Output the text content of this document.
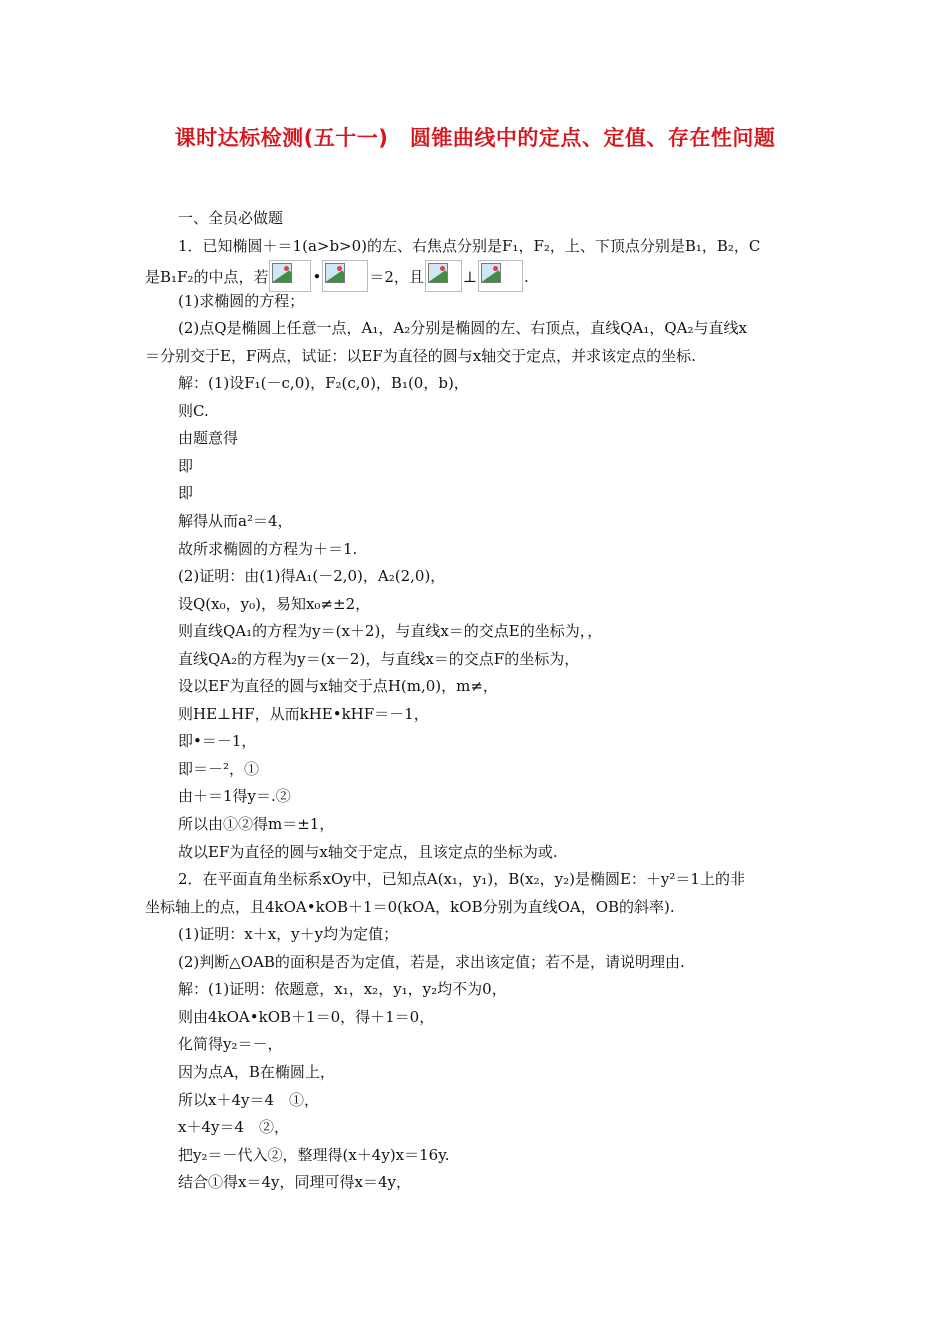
课时达标检测(五十一)　圆锥曲线中的定点、定值、存在性问题
一、全员必做题
1．已知椭圆＋＝1(a>b>0)的左、右焦点分别是F₁，F₂，上、下顶点分别是B₁，B₂，C
是B₁F₂的中点，若	•	＝2，且	⊥	.
(1)求椭圆的方程；
(2)点Q是椭圆上任意一点，A₁，A₂分别是椭圆的左、右顶点，直线QA₁，QA₂与直线x
＝分别交于E，F两点，试证：以EF为直径的圆与x轴交于定点，并求该定点的坐标.
解：(1)设F₁(－c,0)，F₂(c,0)，B₁(0，b)，
则C.
由题意得
即
即
解得从而a²＝4，
故所求椭圆的方程为＋＝1.
(2)证明：由(1)得A₁(－2,0)，A₂(2,0)，
设Q(x₀，y₀)，易知x₀≠±2，
则直线QA₁的方程为y＝(x＋2)，与直线x＝的交点E的坐标为，，
直线QA₂的方程为y＝(x－2)，与直线x＝的交点F的坐标为，
设以EF为直径的圆与x轴交于点H(m,0)，m≠，
则HE⊥HF，从而kHE•kHF＝－1，
即•＝－1，
即＝－²，①
由＋＝1得y＝.②
所以由①②得m＝±1，
故以EF为直径的圆与x轴交于定点，且该定点的坐标为或.
2．在平面直角坐标系xOy中，已知点A(x₁，y₁)，B(x₂，y₂)是椭圆E：＋y²＝1上的非
坐标轴上的点，且4kOA•kOB＋1＝0(kOA，kOB分别为直线OA，OB的斜率).
(1)证明：x＋x，y＋y均为定值；
(2)判断△OAB的面积是否为定值，若是，求出该定值；若不是，请说明理由.
解：(1)证明：依题意，x₁，x₂，y₁，y₂均不为0，
则由4kOA•kOB＋1＝0，得＋1＝0，
化简得y₂＝－，
因为点A，B在椭圆上，
所以x＋4y＝4　①，
x＋4y＝4　②，
把y₂＝－代入②，整理得(x＋4y)x＝16y.
结合①得x＝4y，同理可得x＝4y，
